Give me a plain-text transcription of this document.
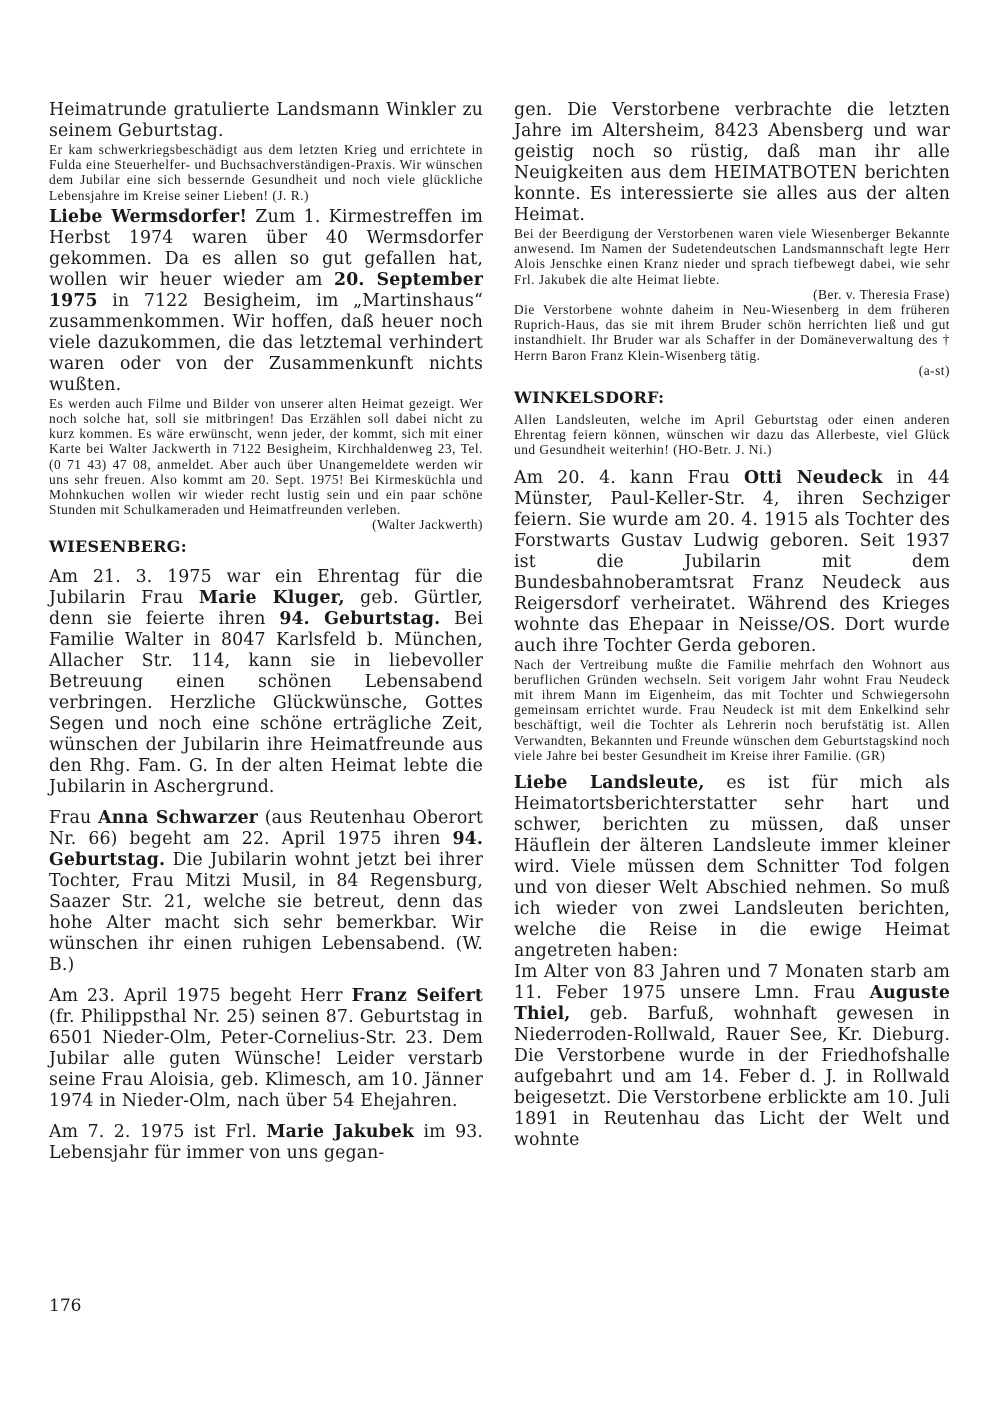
Heimatrunde gratulierte Landsmann Winkler zu seinem Geburtstag.

Er kam schwerkriegsbeschädigt aus dem letzten Krieg und errichtete in Fulda eine Steuerhelfer- und Buchsachverständigen-Praxis. Wir wünschen dem Jubilar eine sich bessernde Gesundheit und noch viele glückliche Lebensjahre im Kreise seiner Lieben! (J. R.)

Liebe Wermsdorfer! Zum 1. Kirmestreffen im Herbst 1974 waren über 40 Wermsdorfer gekommen. Da es allen so gut gefallen hat, wollen wir heuer wieder am 20. September 1975 in 7122 Besigheim, im „Martinshaus“ zusammenkommen. Wir hoffen, daß heuer noch viele dazukommen, die das letztemal verhindert waren oder von der Zusammenkunft nichts wußten.

Es werden auch Filme und Bilder von unserer alten Heimat gezeigt. Wer noch solche hat, soll sie mitbringen! Das Erzählen soll dabei nicht zu kurz kommen. Es wäre erwünscht, wenn jeder, der kommt, sich mit einer Karte bei Walter Jackwerth in 7122 Besigheim, Kirchhaldenweg 23, Tel. (0 71 43) 47 08, anmeldet. Aber auch über Unangemeldete werden wir uns sehr freuen. Also kommt am 20. Sept. 1975! Bei Kirmesküchla und Mohnkuchen wollen wir wieder recht lustig sein und ein paar schöne Stunden mit Schulkameraden und Heimatfreunden verleben.

(Walter Jackwerth)

WIESENBERG:

Am 21. 3. 1975 war ein Ehrentag für die Jubilarin Frau Marie Kluger, geb. Gürtler, denn sie feierte ihren 94. Geburtstag. Bei Familie Walter in 8047 Karlsfeld b. München, Allacher Str. 114, kann sie in liebevoller Betreuung einen schönen Lebensabend verbringen. Herzliche Glückwünsche, Gottes Segen und noch eine schöne erträgliche Zeit, wünschen der Jubilarin ihre Heimatfreunde aus den Rhg. Fam. G. In der alten Heimat lebte die Jubilarin in Aschergrund.

Frau Anna Schwarzer (aus Reutenhau Oberort Nr. 66) begeht am 22. April 1975 ihren 94. Geburtstag. Die Jubilarin wohnt jetzt bei ihrer Tochter, Frau Mitzi Musil, in 84 Regensburg, Saazer Str. 21, welche sie betreut, denn das hohe Alter macht sich sehr bemerkbar. Wir wünschen ihr einen ruhigen Lebensabend. (W. B.)

Am 23. April 1975 begeht Herr Franz Seifert (fr. Philippsthal Nr. 25) seinen 87. Geburtstag in 6501 Nieder-Olm, Peter-Cornelius-Str. 23. Dem Jubilar alle guten Wünsche! Leider verstarb seine Frau Aloisia, geb. Klimesch, am 10. Jänner 1974 in Nieder-Olm, nach über 54 Ehejahren.

Am 7. 2. 1975 ist Frl. Marie Jakubek im 93. Lebensjahr für immer von uns gegan-

gen. Die Verstorbene verbrachte die letzten Jahre im Altersheim, 8423 Abensberg und war geistig noch so rüstig, daß man ihr alle Neuigkeiten aus dem HEIMATBOTEN berichten konnte. Es interessierte sie alles aus der alten Heimat.

Bei der Beerdigung der Verstorbenen waren viele Wiesenberger Bekannte anwesend. Im Namen der Sudetendeutschen Landsmannschaft legte Herr Alois Jenschke einen Kranz nieder und sprach tiefbewegt dabei, wie sehr Frl. Jakubek die alte Heimat liebte.

(Ber. v. Theresia Frase)

Die Verstorbene wohnte daheim in Neu-Wiesenberg in dem früheren Ruprich-Haus, das sie mit ihrem Bruder schön herrichten ließ und gut instandhielt. Ihr Bruder war als Schaffer in der Domäneverwaltung des † Herrn Baron Franz Klein-Wisenberg tätig.

(a-st)

WINKELSDORF:

Allen Landsleuten, welche im April Geburtstag oder einen anderen Ehrentag feiern können, wünschen wir dazu das Allerbeste, viel Glück und Gesundheit weiterhin! (HO-Betr. J. Ni.)

Am 20. 4. kann Frau Otti Neudeck in 44 Münster, Paul-Keller-Str. 4, ihren Sechziger feiern. Sie wurde am 20. 4. 1915 als Tochter des Forstwarts Gustav Ludwig geboren. Seit 1937 ist die Jubilarin mit dem Bundesbahnoberamtsrat Franz Neudeck aus Reigersdorf verheiratet. Während des Krieges wohnte das Ehepaar in Neisse/OS. Dort wurde auch ihre Tochter Gerda geboren.

Nach der Vertreibung mußte die Familie mehrfach den Wohnort aus beruflichen Gründen wechseln. Seit vorigem Jahr wohnt Frau Neudeck mit ihrem Mann im Eigenheim, das mit Tochter und Schwiegersohn gemeinsam errichtet wurde. Frau Neudeck ist mit dem Enkelkind sehr beschäftigt, weil die Tochter als Lehrerin noch berufstätig ist. Allen Verwandten, Bekannten und Freunde wünschen dem Geburtstagskind noch viele Jahre bei bester Gesundheit im Kreise ihrer Familie. (GR)

Liebe Landsleute, es ist für mich als Heimatortsberichterstatter sehr hart und schwer, berichten zu müssen, daß unser Häuflein der älteren Landsleute immer kleiner wird. Viele müssen dem Schnitter Tod folgen und von dieser Welt Abschied nehmen. So muß ich wieder von zwei Landsleuten berichten, welche die Reise in die ewige Heimat angetreten haben:

Im Alter von 83 Jahren und 7 Monaten starb am 11. Feber 1975 unsere Lmn. Frau Auguste Thiel, geb. Barfuß, wohnhaft gewesen in Niederroden-Rollwald, Rauer See, Kr. Dieburg. Die Verstorbene wurde in der Friedhofshalle aufgebahrt und am 14. Feber d. J. in Rollwald beigesetzt. Die Verstorbene erblickte am 10. Juli 1891 in Reutenhau das Licht der Welt und wohnte

176
